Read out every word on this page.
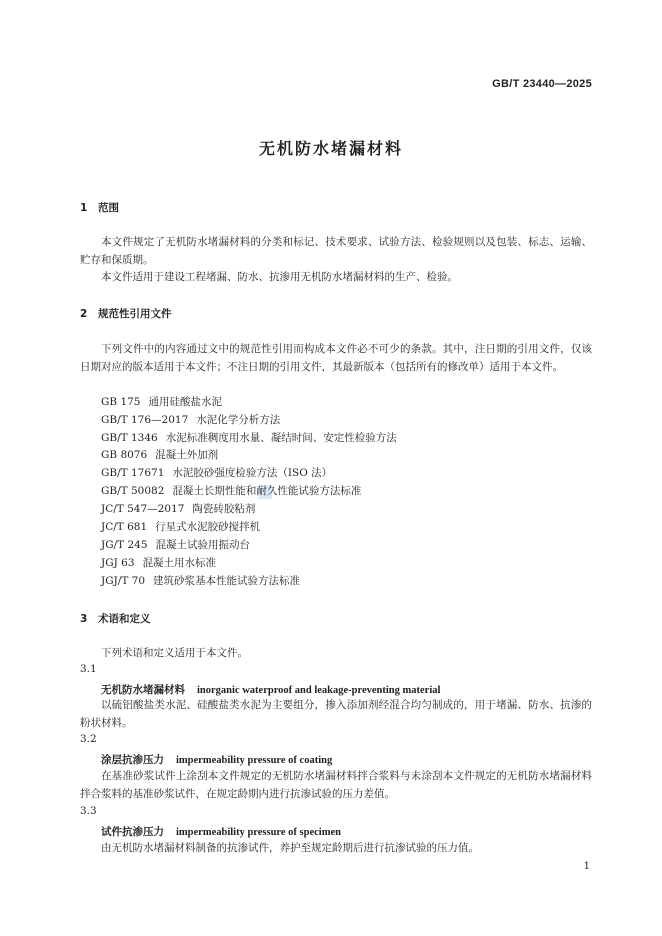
GB/T 23440—2025
无机防水堵漏材料
1 范围
本文件规定了无机防水堵漏材料的分类和标记、技术要求、试验方法、检验规则以及包装、标志、运输、贮存和保质期。
本文件适用于建设工程堵漏、防水、抗渗用无机防水堵漏材料的生产、检验。
2 规范性引用文件
下列文件中的内容通过文中的规范性引用而构成本文件必不可少的条款。其中，注日期的引用文件，仅该日期对应的版本适用于本文件；不注日期的引用文件，其最新版本（包括所有的修改单）适用于本文件。
GB 175 通用硅酸盐水泥
GB/T 176—2017 水泥化学分析方法
GB/T 1346 水泥标准稠度用水量、凝结时间、安定性检验方法
GB 8076 混凝土外加剂
GB/T 17671 水泥胶砂强度检验方法（ISO 法）
GB/T 50082 混凝土长期性能和耐久性能试验方法标准
JC/T 547—2017 陶瓷砖胶粘剂
JC/T 681 行星式水泥胶砂搅拌机
JG/T 245 混凝土试验用振动台
JGJ 63 混凝土用水标准
JGJ/T 70 建筑砂浆基本性能试验方法标准
3 术语和定义
下列术语和定义适用于本文件。
3.1
无机防水堵漏材料 inorganic waterproof and leakage-preventing material
以硫铝酸盐类水泥、硅酸盐类水泥为主要组分，掺入添加剂经混合均匀制成的，用于堵漏、防水、抗渗的粉状材料。
3.2
涂层抗渗压力 impermeability pressure of coating
在基准砂浆试件上涂刮本文件规定的无机防水堵漏材料拌合浆料与未涂刮本文件规定的无机防水堵漏材料拌合浆料的基准砂浆试件，在规定龄期内进行抗渗试验的压力差值。
3.3
试件抗渗压力 impermeability pressure of specimen
由无机防水堵漏材料制备的抗渗试件，养护至规定龄期后进行抗渗试验的压力值。
1
